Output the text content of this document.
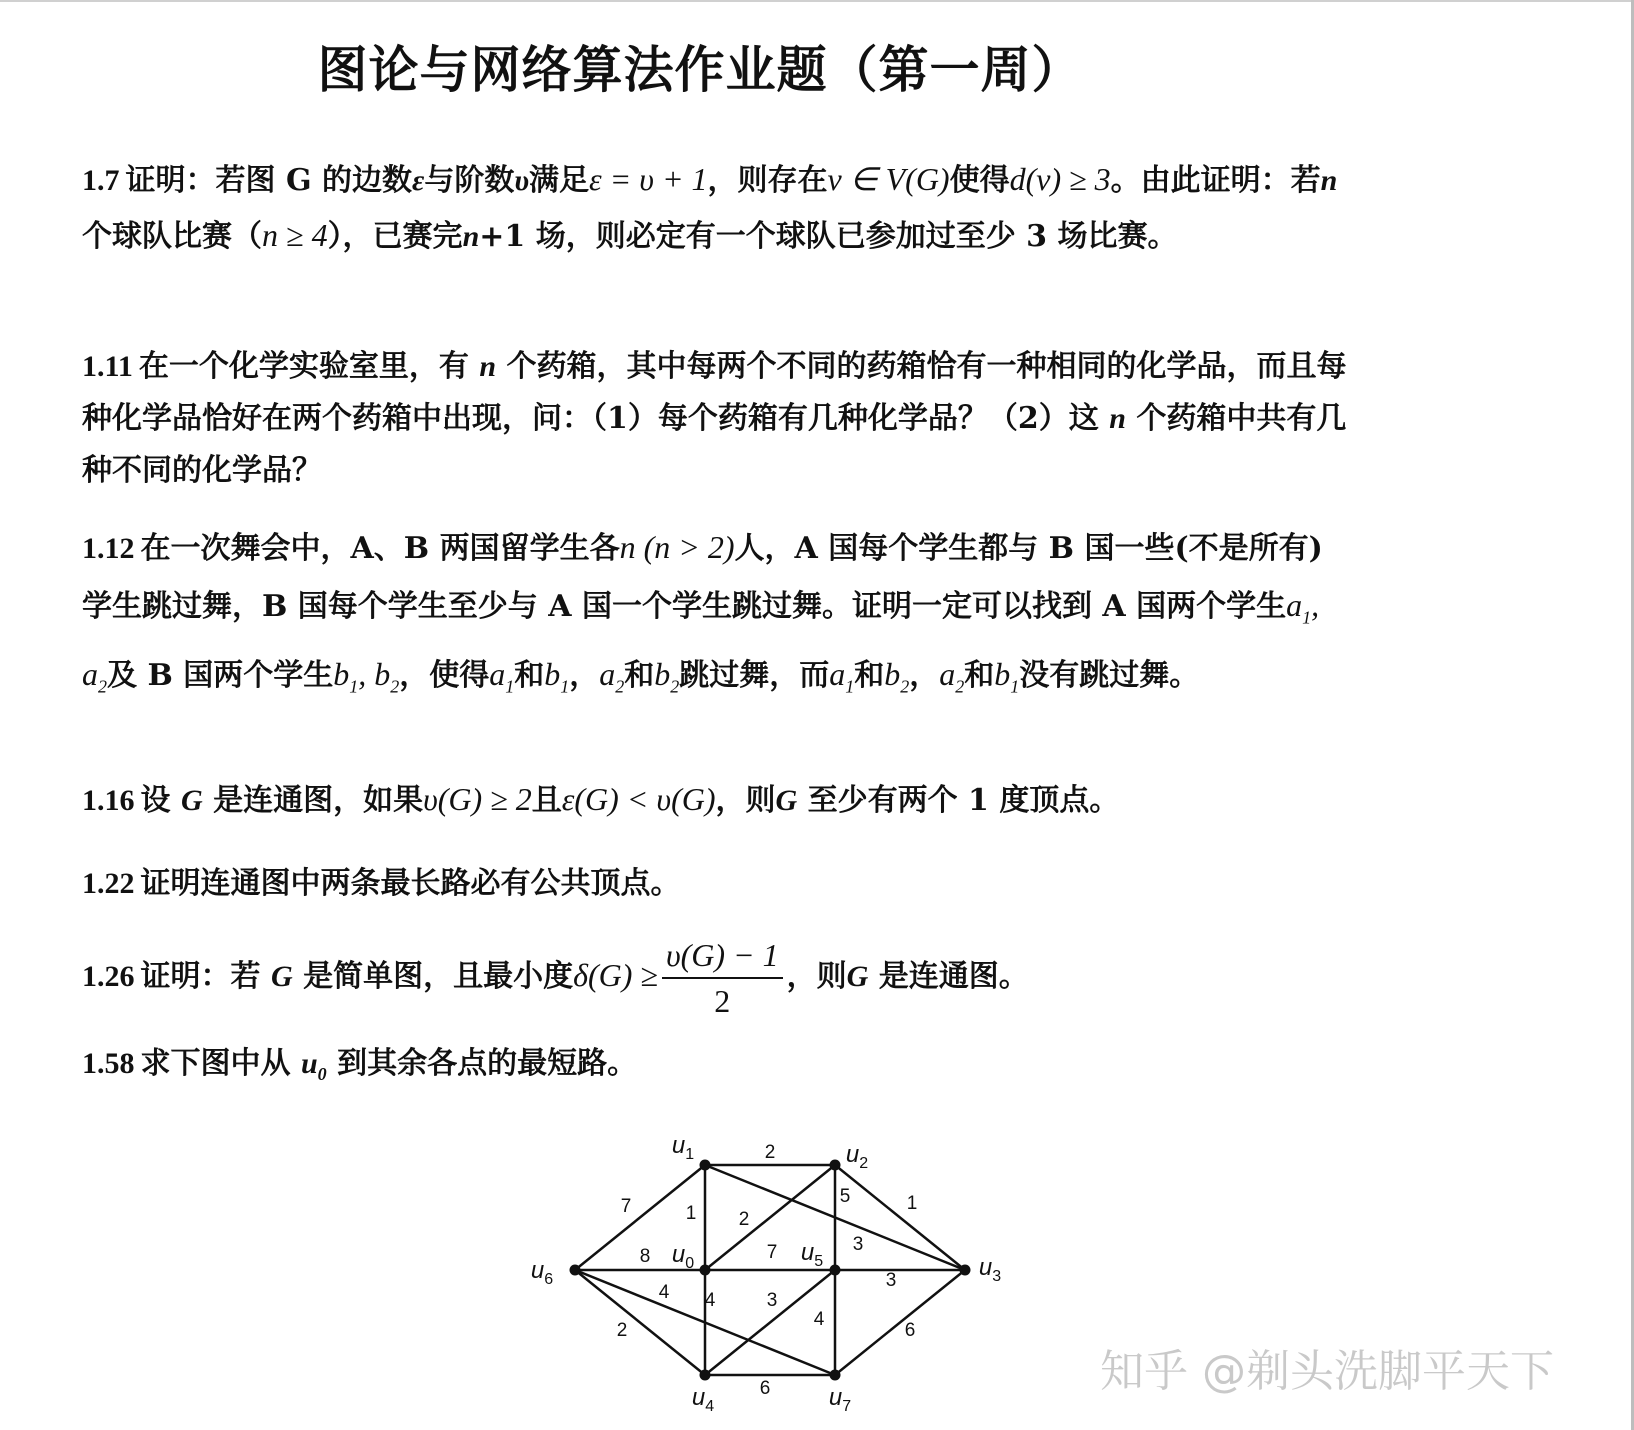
图论与网络算法作业题（第一周）
1.7 证明：若图 G 的边数ε与阶数υ满足ε = υ + 1，则存在v ∈ V(G)使得d(v) ≥ 3。由此证明：若n个球队比赛（n ≥ 4），已赛完n+1 场，则必定有一个球队已参加过至少 3 场比赛。
1.11 在一个化学实验室里，有 n 个药箱，其中每两个不同的药箱恰有一种相同的化学品，而且每种化学品恰好在两个药箱中出现，问：（1）每个药箱有几种化学品？（2）这 n 个药箱中共有几种不同的化学品？
1.12 在一次舞会中，A、B 两国留学生各n (n > 2)人，A 国每个学生都与 B 国一些(不是所有)学生跳过舞，B 国每个学生至少与 A 国一个学生跳过舞。证明一定可以找到 A 国两个学生$a_1$, $a_2$及 B 国两个学生$b_1$, $b_2$，使得$a_1$和$b_1$，$a_2$和$b_2$跳过舞，而$a_1$和$b_2$，$a_2$和$b_1$没有跳过舞。
1.16 设 G 是连通图，如果υ(G) ≥ 2且ε(G) < υ(G)，则G 至少有两个 1 度顶点。
1.22 证明连通图中两条最长路必有公共顶点。
1.26 证明：若 G 是简单图，且最小度$\delta(G) \ge \frac{\upsilon(G) - 1}{2}$ ，则G 是连通图。
1.58 求下图中从 $u_0$ 到其余各点的最短路。
2
7	1 2
3
5	1
8	7
3
4 4	3
4
6
2
6
$u_0$
$u_1$	$u_2$
$u_3$
$u_4$
$u_5$
$u_6$
$u_7$
知乎 @剃头洗脚平天下
